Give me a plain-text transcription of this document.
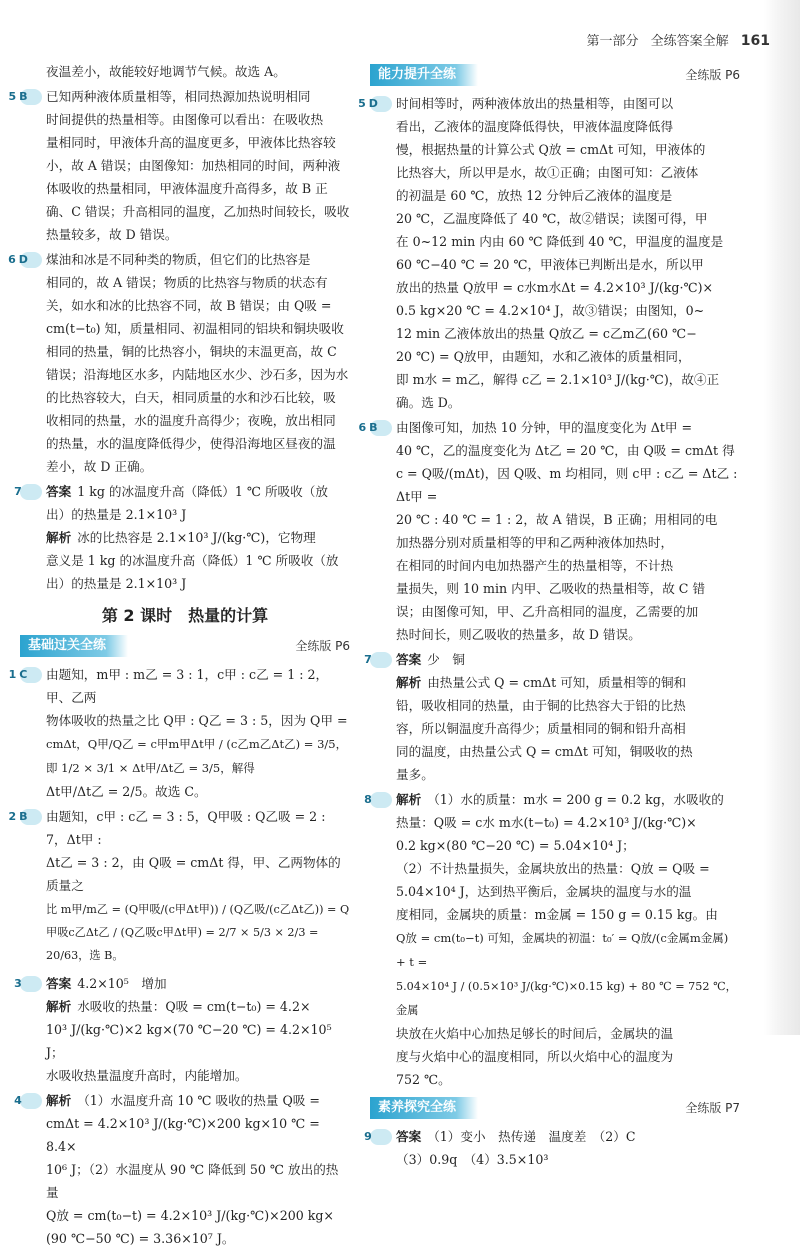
第一部分 全练答案全解 161
夜温差小，故能较好地调节气候。故选 A。
5 B 已知两种液体质量相等，相同热源加热说明相同
时间提供的热量相等。由图像可以看出：在吸收热
量相同时，甲液体升高的温度更多，甲液体比热容较
小，故 A 错误；由图像知：加热相同的时间，两种液
体吸收的热量相同，甲液体温度升高得多，故 B 正
确、C 错误；升高相同的温度，乙加热时间较长，吸收
热量较多，故 D 错误。
6 D 煤油和冰是不同种类的物质，但它们的比热容是
相同的，故 A 错误；物质的比热容与物质的状态有
关，如水和冰的比热容不同，故 B 错误；由 Q吸 =
cm(t−t₀) 知，质量相同、初温相同的铝块和铜块吸收
相同的热量，铜的比热容小，铜块的末温更高，故 C
错误；沿海地区水多，内陆地区水少、沙石多，因为水
的比热容较大，白天，相同质量的水和沙石比较，吸
收相同的热量，水的温度升高得少；夜晚，放出相同
的热量，水的温度降低得少，使得沿海地区昼夜的温
差小，故 D 正确。
7 答案 1 kg 的冰温度升高（降低）1 ℃ 所吸收（放
出）的热量是 2.1×10³ J
解析 冰的比热容是 2.1×10³ J/(kg·℃)，它物理
意义是 1 kg 的冰温度升高（降低）1 ℃ 所吸收（放
出）的热量是 2.1×10³ J
第 2 课时　热量的计算
基础过关全练	全练版 P6
1 C 由题知，m甲 : m乙 = 3 : 1，c甲 : c乙 = 1 : 2，甲、乙两
物体吸收的热量之比 Q甲 : Q乙 = 3 : 5，因为 Q甲 =
cmΔt，Q甲/Q乙 = c甲m甲Δt甲 / (c乙m乙Δt乙) = 3/5，即 1/2 × 3/1 × Δt甲/Δt乙 = 3/5，解得
Δt甲/Δt乙 = 2/5。故选 C。
2 B 由题知，c甲 : c乙 = 3 : 5，Q甲吸 : Q乙吸 = 2 : 7，Δt甲 :
Δt乙 = 3 : 2，由 Q吸 = cmΔt 得，甲、乙两物体的质量之
比 m甲/m乙 = (Q甲吸/(c甲Δt甲)) / (Q乙吸/(c乙Δt乙)) = Q甲吸c乙Δt乙 / (Q乙吸c甲Δt甲) = 2/7 × 5/3 × 2/3 = 20/63，选 B。
3 答案 4.2×10⁵　增加
解析 水吸收的热量：Q吸 = cm(t−t₀) = 4.2×
10³ J/(kg·℃)×2 kg×(70 ℃−20 ℃) = 4.2×10⁵ J；
水吸收热量温度升高时，内能增加。
4 解析 （1）水温度升高 10 ℃ 吸收的热量 Q吸 =
cmΔt = 4.2×10³ J/(kg·℃)×200 kg×10 ℃ = 8.4×
10⁶ J；（2）水温度从 90 ℃ 降低到 50 ℃ 放出的热量
Q放 = cm(t₀−t) = 4.2×10³ J/(kg·℃)×200 kg×
(90 ℃−50 ℃) = 3.36×10⁷ J。
能力提升全练	全练版 P6
5 D 时间相等时，两种液体放出的热量相等，由图可以
看出，乙液体的温度降低得快，甲液体温度降低得
慢，根据热量的计算公式 Q放 = cmΔt 可知，甲液体的
比热容大，所以甲是水，故①正确；由图可知：乙液体
的初温是 60 ℃，放热 12 分钟后乙液体的温度是
20 ℃，乙温度降低了 40 ℃，故②错误；读图可得，甲
在 0~12 min 内由 60 ℃ 降低到 40 ℃，甲温度的温度是
60 ℃−40 ℃ = 20 ℃，甲液体已判断出是水，所以甲
放出的热量 Q放甲 = c水m水Δt = 4.2×10³ J/(kg·℃)×
0.5 kg×20 ℃ = 4.2×10⁴ J，故③错误；由图知，0~
12 min 乙液体放出的热量 Q放乙 = c乙m乙(60 ℃−
20 ℃) = Q放甲，由题知，水和乙液体的质量相同，
即 m水 = m乙，解得 c乙 = 2.1×10³ J/(kg·℃)，故④正
确。选 D。
6 B 由图像可知，加热 10 分钟，甲的温度变化为 Δt甲 =
40 ℃，乙的温度变化为 Δt乙 = 20 ℃，由 Q吸 = cmΔt 得
c = Q吸/(mΔt)，因 Q吸、m 均相同，则 c甲 : c乙 = Δt乙 : Δt甲 =
20 ℃ : 40 ℃ = 1 : 2，故 A 错误，B 正确；用相同的电
加热器分别对质量相等的甲和乙两种液体加热时，
在相同的时间内电加热器产生的热量相等，不计热
量损失，则 10 min 内甲、乙吸收的热量相等，故 C 错
误；由图像可知，甲、乙升高相同的温度，乙需要的加
热时间长，则乙吸收的热量多，故 D 错误。
7 答案 少　铜
解析 由热量公式 Q = cmΔt 可知，质量相等的铜和
铅，吸收相同的热量，由于铜的比热容大于铅的比热
容，所以铜温度升高得少；质量相同的铜和铅升高相
同的温度，由热量公式 Q = cmΔt 可知，铜吸收的热
量多。
8 解析 （1）水的质量：m水 = 200 g = 0.2 kg，水吸收的
热量：Q吸 = c水 m水(t−t₀) = 4.2×10³ J/(kg·℃)×
0.2 kg×(80 ℃−20 ℃) = 5.04×10⁴ J；
（2）不计热量损失，金属块放出的热量：Q放 = Q吸 =
5.04×10⁴ J，达到热平衡后，金属块的温度与水的温
度相同，金属块的质量：m金属 = 150 g = 0.15 kg。由
Q放 = cm(t₀−t) 可知，金属块的初温：t₀′ = Q放/(c金属m金属) + t =
5.04×10⁴ J / (0.5×10³ J/(kg·℃)×0.15 kg) + 80 ℃ = 752 ℃，金属
块放在火焰中心加热足够长的时间后，金属块的温
度与火焰中心的温度相同，所以火焰中心的温度为
752 ℃。
素养探究全练	全练版 P7
9 答案 （1）变小　热传递　温度差　（2）C
（3）0.9q　（4）3.5×10³
